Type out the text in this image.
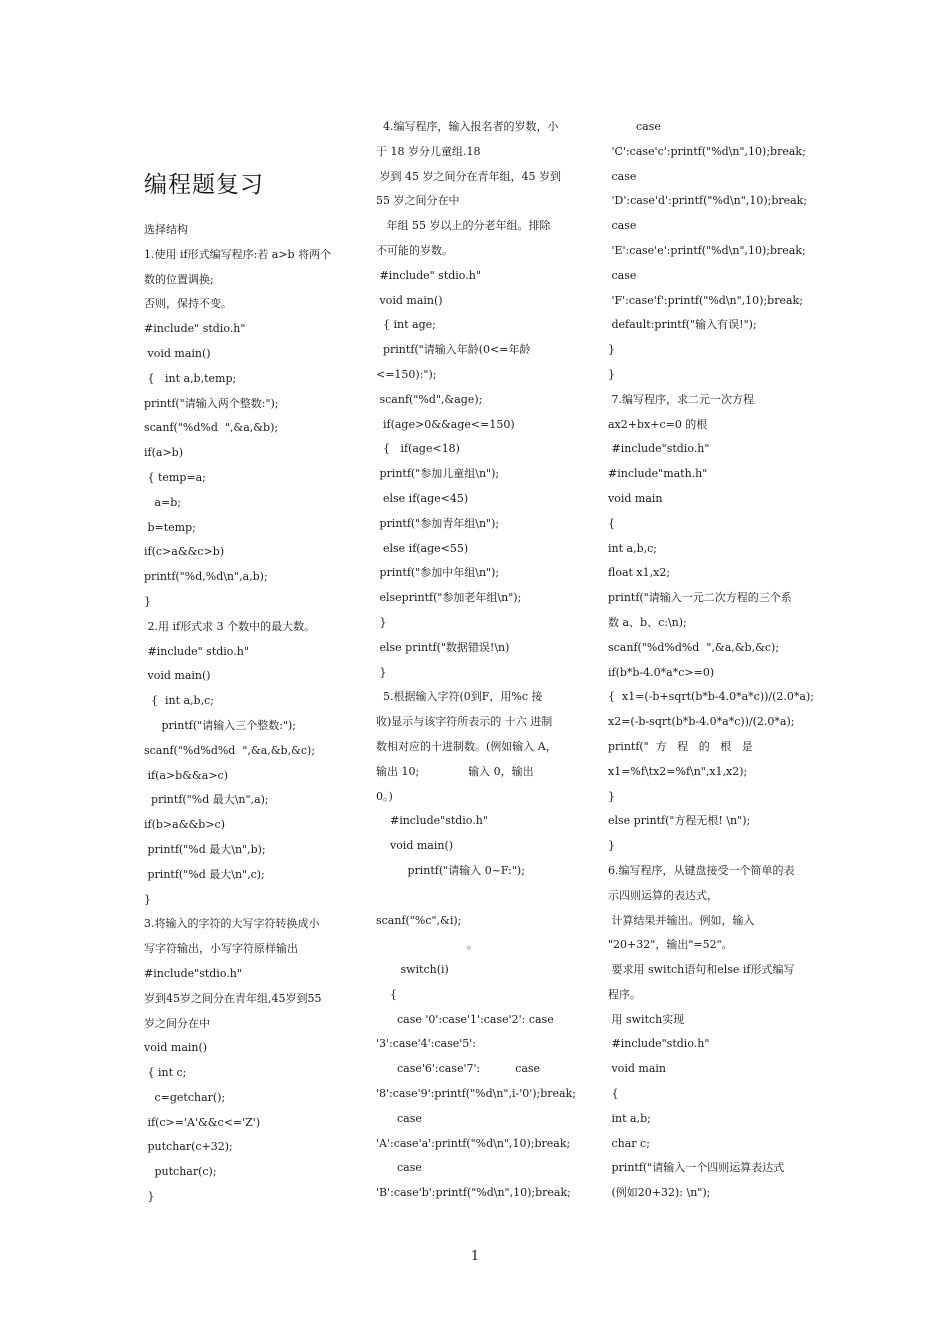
编程题复习
选择结构
1.使用 if形式编写程序:若 a>b 将两个
数的位置调换;
否则，保持不变。
#include" stdio.h"
void main()
{   int a,b,temp;
printf("请输入两个整数:");
scanf("%d%d  ",&a,&b);
if(a>b)
{ temp=a;
a=b;
b=temp;
if(c>a&&c>b)
printf("%d,%d\n",a,b);
}
2.用 if形式求 3 个数中的最大数。
#include" stdio.h"
void main()
{  int a,b,c;
printf("请输入三个整数:");
scanf("%d%d%d  ",&a,&b,&c);
if(a>b&&a>c)
printf("%d 最大\n",a);
if(b>a&&b>c)
printf("%d 最大\n",b);
printf("%d 最大\n",c);
}
3.将输入的字符的大写字符转换成小
写字符输出，小写字符原样输出
#include"stdio.h"
岁到45岁之间分在青年组,45岁到55
岁之间分在中
void main()
{ int c;
c=getchar();
if(c>='A'&&c<='Z')
putchar(c+32);
putchar(c);
}
4.编写程序，输入报名者的岁数，小
于 18 岁分儿童组.18
岁到 45 岁之间分在青年组，45 岁到
55 岁之间分在中
年组 55 岁以上的分老年组。排除
不可能的岁数。
#include" stdio.h"
void main()
{ int age;
printf("请输入年龄(0<=年龄
<=150):");
scanf("%d",&age);
if(age>0&&age<=150)
{   if(age<18)
printf("参加儿童组\n");
else if(age<45)
printf("参加青年组\n");
else if(age<55)
printf("参加中年组\n");
elseprintf("参加老年组\n");
}
else printf("数据错误!\n)
}
5.根据输入字符(0到F，用%c 接
收)显示与该字符所表示的 十六 进制
数相对应的十进制数。(例如输入 A，
输出 10;              输入 0，输出
0。)
#include"stdio.h"
void main()
printf("请输入 0~F:");
scanf("%c",&i);
。
switch(i)
{
case '0':case'1':case'2': case
'3':case'4':case'5':
case'6':case'7':          case
'8':case'9':printf("%d\n",i-'0');break;
case
'A':case'a':printf("%d\n",10);break;
case
'B':case'b':printf("%d\n",10);break;
case
'C':case'c':printf("%d\n",10);break;
case
'D':case'd':printf("%d\n",10);break;
case
'E':case'e':printf("%d\n",10);break;
case
'F':case'f':printf("%d\n",10);break;
default:printf("输入有误!");
}
}
7.编写程序，求二元一次方程
ax2+bx+c=0 的根
#include"stdio.h"
#include"math.h"
void main
{
int a,b,c;
float x1,x2;
printf("请输入一元二次方程的三个系
数 a、b、c:\n);
scanf("%d%d%d  ",&a,&b,&c);
if(b*b-4.0*a*c>=0)
{  x1=(-b+sqrt(b*b-4.0*a*c))/(2.0*a);
x2=(-b-sqrt(b*b-4.0*a*c))/(2.0*a);
printf("  方   程   的   根   是
x1=%f\tx2=%f\n",x1,x2);
}
else printf("方程无根! \n");
}
6.编写程序，从键盘接受一个简单的表
示四则运算的表达式，
计算结果并输出。例如，输入
"20+32"，输出"=52"。
要求用 switch语句和else if形式编写
程序。
用 switch实现
#include"stdio.h"
void main
{
int a,b;
char c;
printf("请输入一个四则运算表达式
(例如20+32): \n");
1
